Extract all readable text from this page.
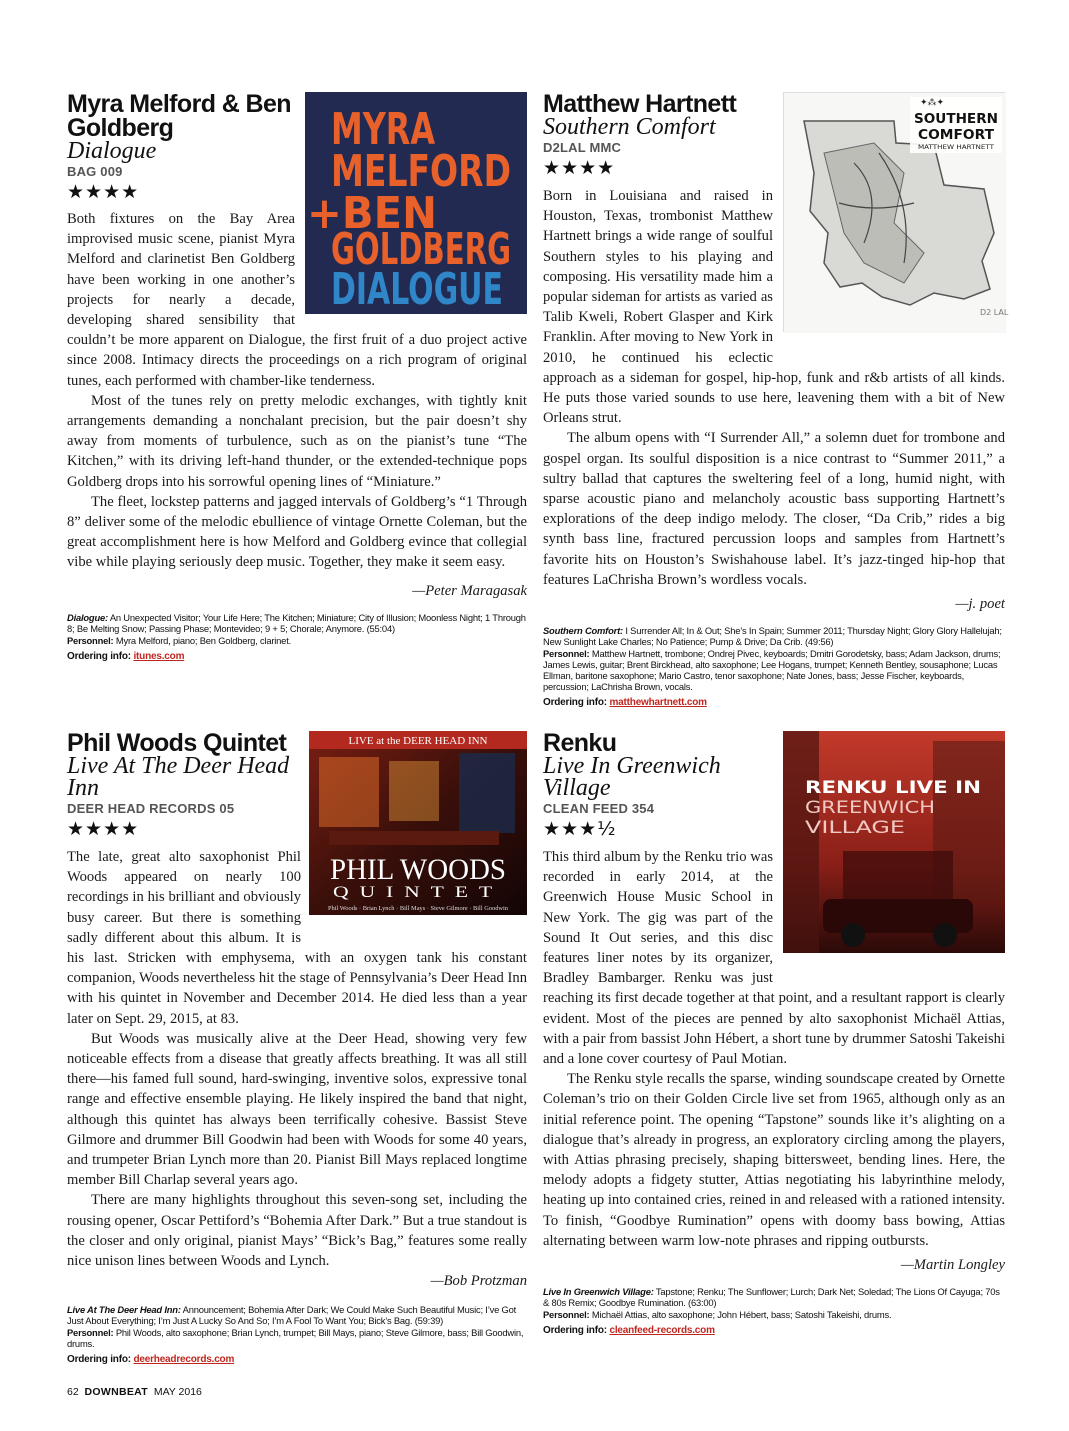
MYRA
MELFORD
+BEN
GOLDBERG
DIALOGUE
Myra Melford & Ben Goldberg
Dialogue
BAG 009
★★★★

Both fixtures on the Bay Area improvised music scene, pianist Myra Melford and clarinetist Ben Goldberg have been working in one another’s projects for nearly a decade, developing shared sensibility that couldn’t be more apparent on Dialogue, the first fruit of a duo project active since 2008. Intimacy directs the proceedings on a rich program of original tunes, each performed with chamber-like tenderness.

Most of the tunes rely on pretty melodic exchanges, with tightly knit arrangements demanding a nonchalant precision, but the pair doesn’t shy away from moments of turbulence, such as on the pianist’s tune “The Kitchen,” with its driving left-hand thunder, or the extended-technique pops Goldberg drops into his sorrowful opening lines of “Miniature.”

The fleet, lockstep patterns and jagged intervals of Goldberg’s “1 Through 8” deliver some of the melodic ebullience of vintage Ornette Coleman, but the great accomplishment here is how Melford and Goldberg evince that collegial vibe while playing seriously deep music. Together, they make it seem easy.

—Peter Maragasak
Dialogue: An Unexpected Visitor; Your Life Here; The Kitchen; Miniature; City of Illusion; Moonless Night; 1 Through 8; Be Melting Snow; Passing Phase; Montevideo; 9 + 5; Chorale; Anymore. (55:04)
Personnel: Myra Melford, piano; Ben Goldberg, clarinet.
Ordering info: itunes.com
✦⁂✦
SOUTHERN
COMFORT
MATTHEW HARTNETT
D2 LAL
Matthew Hartnett
Southern Comfort
D2LAL MMC
★★★★

Born in Louisiana and raised in Houston, Texas, trombonist Matthew Hartnett brings a wide range of soulful Southern styles to his playing and composing. His versatility made him a popular sideman for artists as varied as Talib Kweli, Robert Glasper and Kirk Franklin. After moving to New York in 2010, he continued his eclectic approach as a sideman for gospel, hip-hop, funk and r&b artists of all kinds. He puts those varied sounds to use here, leavening them with a bit of New Orleans strut.

The album opens with “I Surrender All,” a solemn duet for trombone and gospel organ. Its soulful disposition is a nice contrast to “Summer 2011,” a sultry ballad that captures the sweltering feel of a long, humid night, with sparse acoustic piano and melancholy acoustic bass supporting Hartnett’s explorations of the deep indigo melody. The closer, “Da Crib,” rides a big synth bass line, fractured percussion loops and samples from Hartnett’s favorite hits on Houston’s Swishahouse label. It’s jazz-tinged hip-hop that features LaChrisha Brown’s wordless vocals.

—j. poet
Southern Comfort: I Surrender All; In & Out; She’s In Spain; Summer 2011; Thursday Night; Glory Glory Hallelujah; New Sunlight Lake Charles; No Patience; Pump & Drive; Da Crib. (49:56)
Personnel: Matthew Hartnett, trombone; Ondrej Pivec, keyboards; Dmitri Gorodetsky, bass; Adam Jackson, drums; James Lewis, guitar; Brent Birckhead, alto saxophone; Lee Hogans, trumpet; Kenneth Bentley, sousaphone; Lucas Ellman, baritone saxophone; Mario Castro, tenor saxophone; Nate Jones, bass; Jesse Fischer, keyboards, percussion; LaChrisha Brown, vocals.
Ordering info: matthewhartnett.com
LIVE at the DEER HEAD INN
PHIL WOODS
QUINTET
Phil Woods · Brian Lynch · Bill Mays · Steve Gilmore · Bill Goodwin
Phil Woods Quintet
Live At The Deer Head Inn
DEER HEAD RECORDS 05
★★★★

The late, great alto saxophonist Phil Woods appeared on nearly 100 recordings in his brilliant and obviously busy career. But there is something sadly different about this album. It is his last. Stricken with emphysema, with an oxygen tank his constant companion, Woods nevertheless hit the stage of Pennsylvania’s Deer Head Inn with his quintet in November and December 2014. He died less than a year later on Sept. 29, 2015, at 83.

But Woods was musically alive at the Deer Head, showing very few noticeable effects from a disease that greatly affects breathing. It was all still there—his famed full sound, hard-swinging, inventive solos, expressive tonal range and effective ensemble playing. He likely inspired the band that night, although this quintet has always been terrifically cohesive. Bassist Steve Gilmore and drummer Bill Goodwin had been with Woods for some 40 years, and trumpeter Brian Lynch more than 20. Pianist Bill Mays replaced longtime member Bill Charlap several years ago.

There are many highlights throughout this seven-song set, including the rousing opener, Oscar Pettiford’s “Bohemia After Dark.” But a true standout is the closer and only original, pianist Mays’ “Bick’s Bag,” features some really nice unison lines between Woods and Lynch.

—Bob Protzman
Live At The Deer Head Inn: Announcement; Bohemia After Dark; We Could Make Such Beautiful Music; I’ve Got Just About Everything; I’m Just A Lucky So And So; I’m A Fool To Want You; Bick’s Bag. (59:39)
Personnel: Phil Woods, alto saxophone; Brian Lynch, trumpet; Bill Mays, piano; Steve Gilmore, bass; Bill Goodwin, drums.
Ordering info: deerheadrecords.com
RENKU LIVE IN
GREENWICH
VILLAGE
Renku
Live In Greenwich Village
CLEAN FEED 354
★★★½

This third album by the Renku trio was recorded in early 2014, at the Greenwich House Music School in New York. The gig was part of the Sound It Out series, and this disc features liner notes by its organizer, Bradley Bambarger. Renku was just reaching its first decade together at that point, and a resultant rapport is clearly evident. Most of the pieces are penned by alto saxophonist Michaël Attias, with a pair from bassist John Hébert, a short tune by drummer Satoshi Takeishi and a lone cover courtesy of Paul Motian.

The Renku style recalls the sparse, winding soundscape created by Ornette Coleman’s trio on their Golden Circle live set from 1965, although only as an initial reference point. The opening “Tapstone” sounds like it’s alighting on a dialogue that’s already in progress, an exploratory circling among the players, with Attias phrasing precisely, shaping bittersweet, bending lines. Here, the melody adopts a fidgety stutter, Attias negotiating his labyrinthine melody, heating up into contained cries, reined in and released with a rationed intensity. To finish, “Goodbye Rumination” opens with doomy bass bowing, Attias alternating between warm low-note phrases and ripping outbursts.

—Martin Longley
Live In Greenwich Village: Tapstone; Renku; The Sunflower; Lurch; Dark Net; Soledad; The Lions Of Cayuga; 70s & 80s Remix; Goodbye Rumination. (63:00)
Personnel: Michaël Attias, alto saxophone; John Hébert, bass; Satoshi Takeishi, drums.
Ordering info: cleanfeed-records.com
62 DOWNBEAT MAY 2016
